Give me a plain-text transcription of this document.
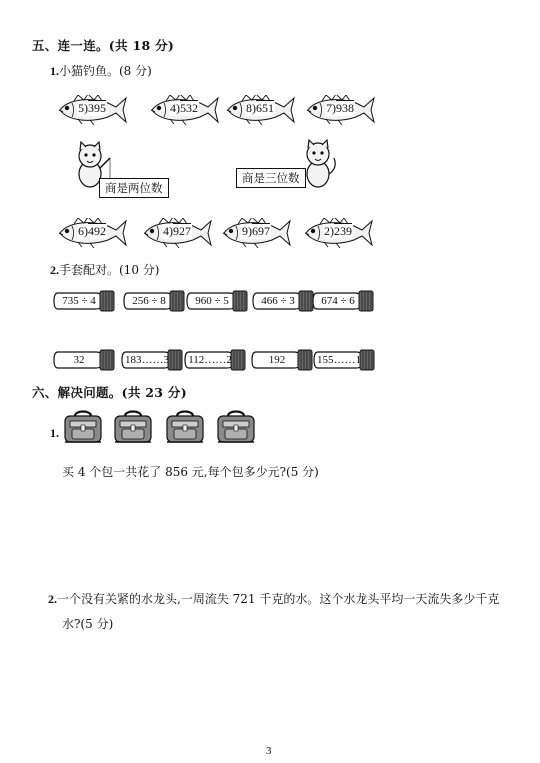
五、连一连。(共 18 分)
1.小猫钓鱼。(8 分)
5)395	4)532	8)651	7)938
商是两位数
商是三位数
6)492	4)927	9)697	2)239
2.手套配对。(10 分)
735 ÷ 4	256 ÷ 8	960 ÷ 5	466 ÷ 3	674 ÷ 6
32	183……3 112……2	192	155……1
六、解决问题。(共 23 分)
1.
买 4 个包一共花了 856 元,每个包多少元?(5 分)
2.一个没有关紧的水龙头,一周流失 721 千克的水。这个水龙头平均一天流失多少千克
水?(5 分)
3
